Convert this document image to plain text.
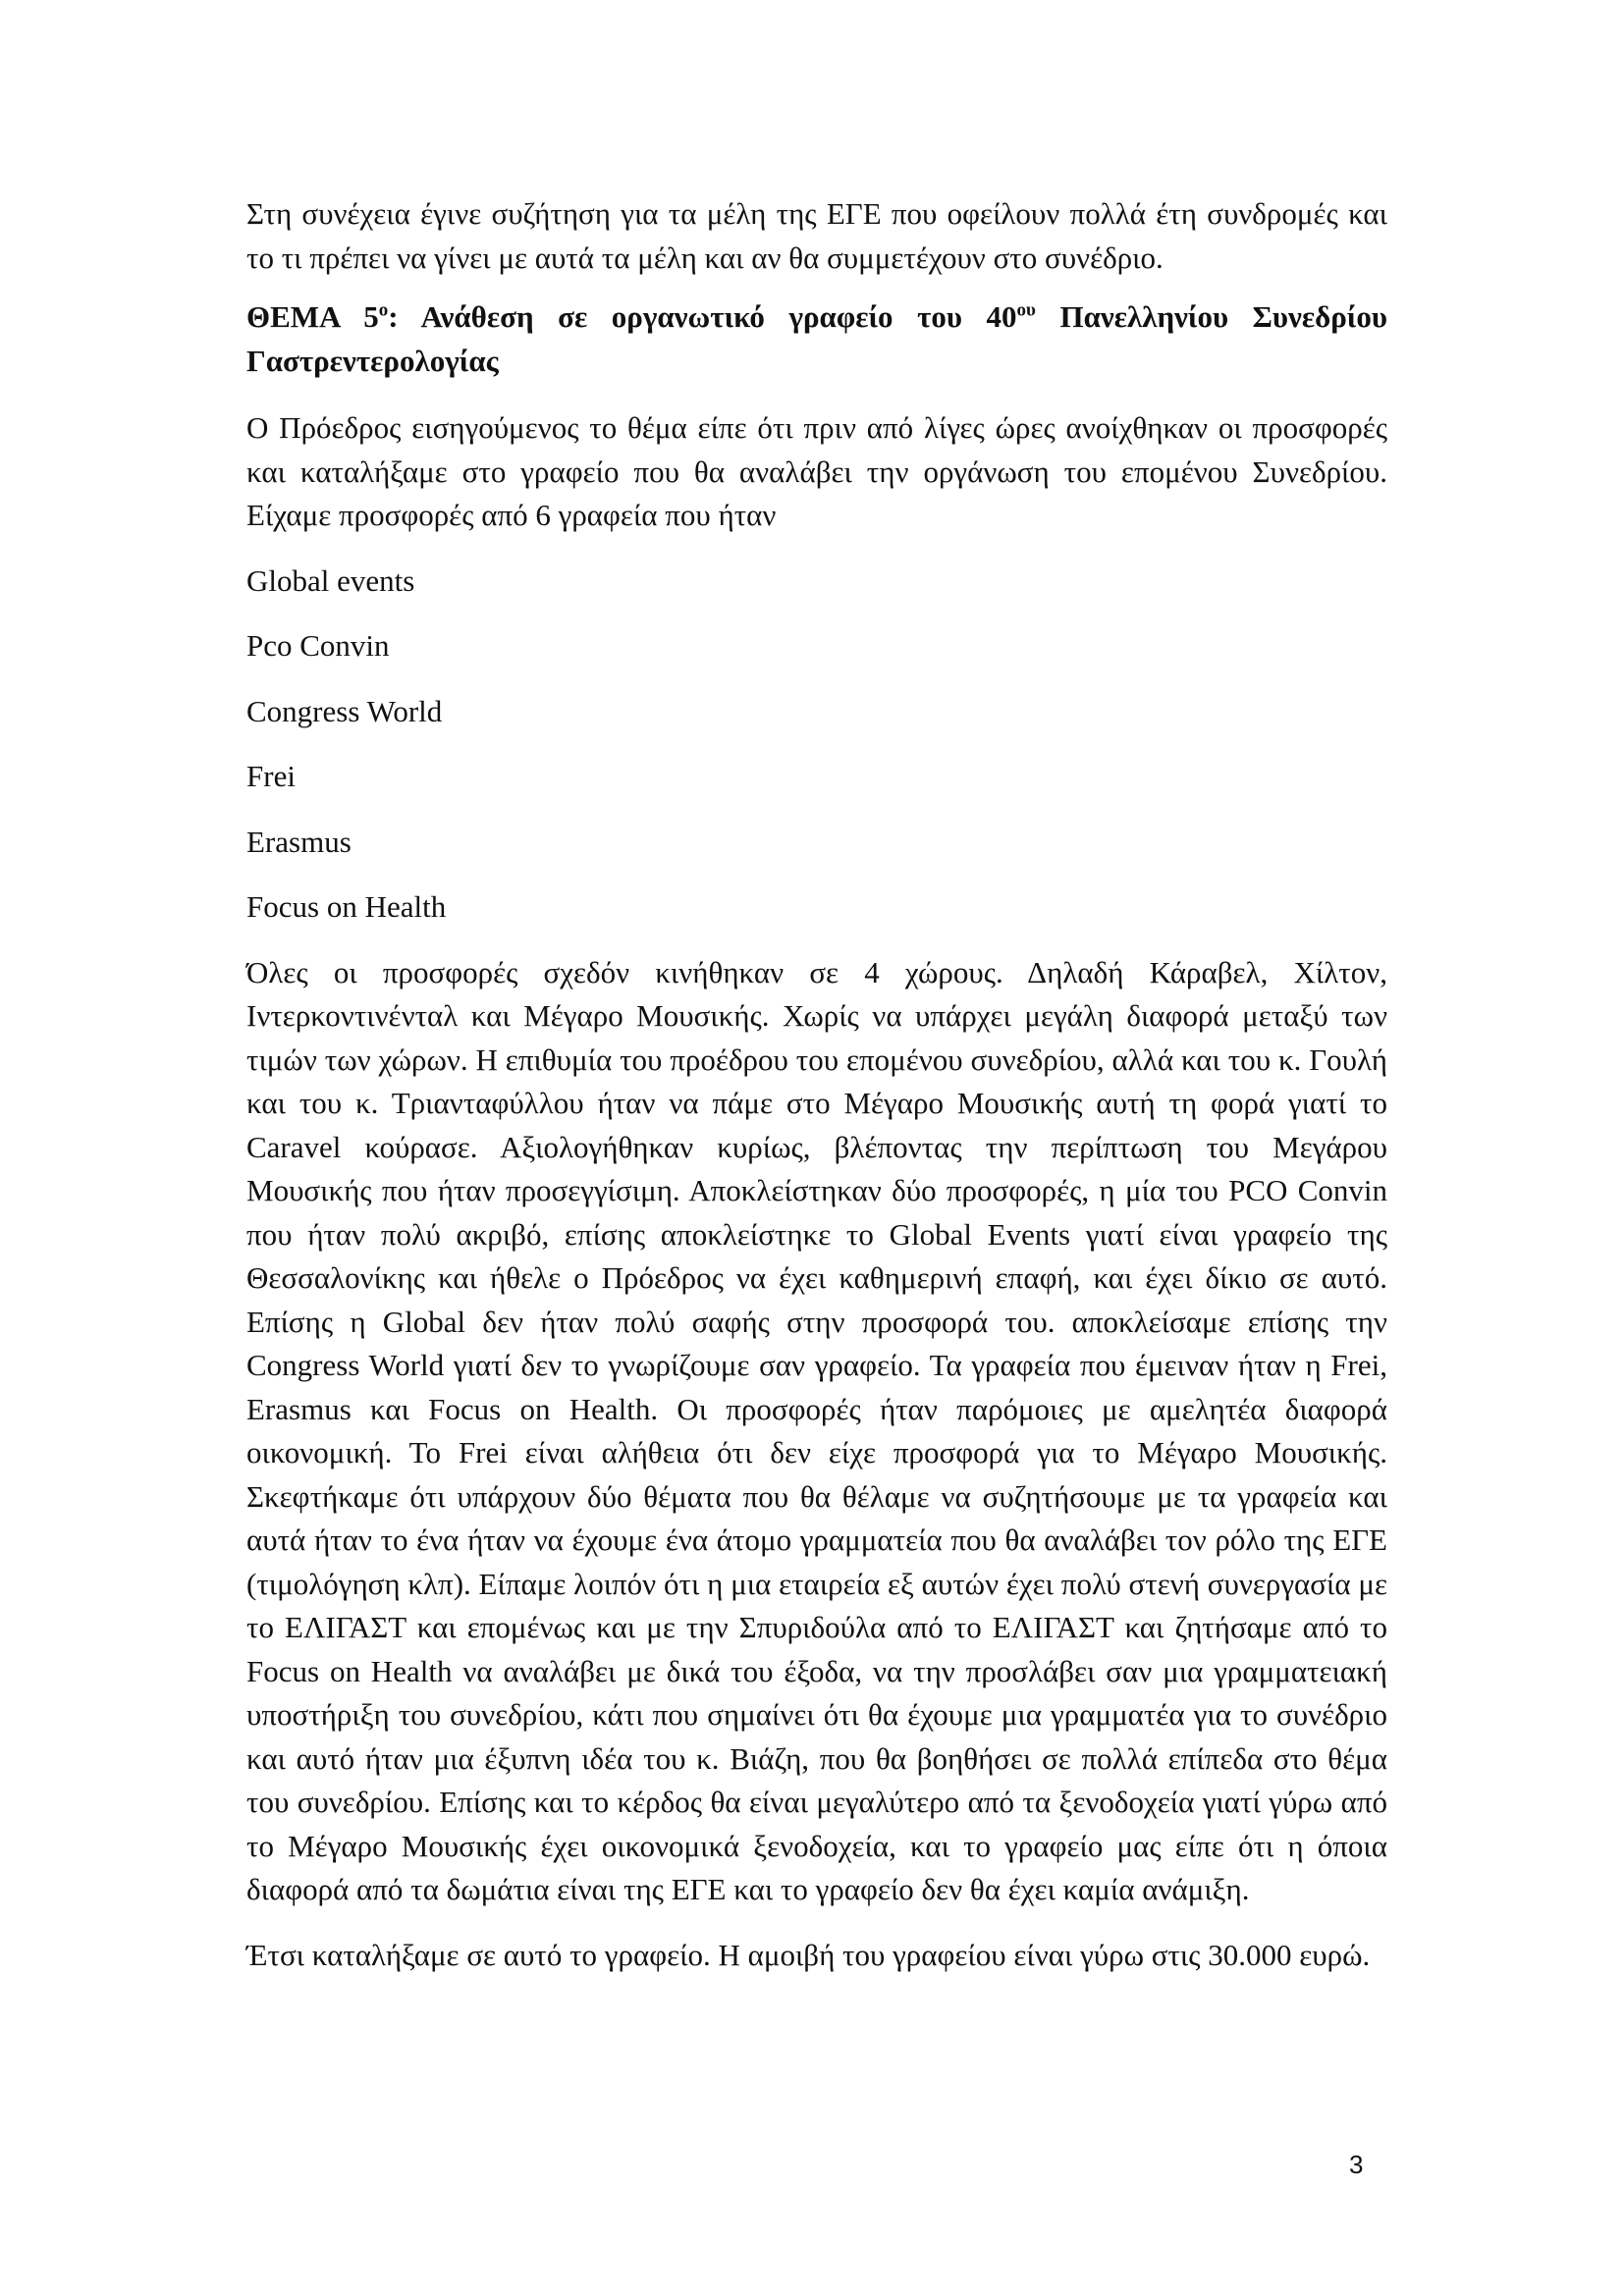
Στη συνέχεια έγινε συζήτηση για τα μέλη της ΕΓΕ που οφείλουν πολλά έτη συνδρομές και το τι πρέπει να γίνει με αυτά τα μέλη και αν θα συμμετέχουν στο συνέδριο.

ΘΕΜΑ $5^o$: Ανάθεση σε οργανωτικό γραφείο του $40^{o\upsilon}$ Πανελληνίου Συνεδρίου Γαστρεντερολογίας

Ο Πρόεδρος εισηγούμενος το θέμα είπε ότι πριν από λίγες ώρες ανοίχθηκαν οι προσφορές και καταλήξαμε στο γραφείο που θα αναλάβει την οργάνωση του επομένου Συνεδρίου. Είχαμε προσφορές από 6 γραφεία που ήταν

Global events

Pco Convin

Congress World

Frei

Erasmus

Focus on Health

Όλες οι προσφορές σχεδόν κινήθηκαν σε 4 χώρους. Δηλαδή Κάραβελ, Χίλτον, Ιντερκοντινένταλ και Μέγαρο Μουσικής. Χωρίς να υπάρχει μεγάλη διαφορά μεταξύ των τιμών των χώρων. Η επιθυμία του προέδρου του επομένου συνεδρίου, αλλά και του κ. Γουλή και του κ. Τριανταφύλλου ήταν να πάμε στο Μέγαρο Μουσικής αυτή τη φορά γιατί το Caravel κούρασε. Αξιολογήθηκαν κυρίως, βλέποντας την περίπτωση του Μεγάρου Μουσικής που ήταν προσεγγίσιμη. Αποκλείστηκαν δύο προσφορές, η μία του PCO Convin που ήταν πολύ ακριβό, επίσης αποκλείστηκε το Global Events γιατί είναι γραφείο της Θεσσαλονίκης και ήθελε ο Πρόεδρος να έχει καθημερινή επαφή, και έχει δίκιο σε αυτό. Επίσης η Global δεν ήταν πολύ σαφής στην προσφορά του. αποκλείσαμε επίσης την Congress World γιατί δεν το γνωρίζουμε σαν γραφείο. Τα γραφεία που έμειναν ήταν η Frei, Erasmus και Focus on Health. Οι προσφορές ήταν παρόμοιες με αμελητέα διαφορά οικονομική. Το Frei είναι αλήθεια ότι δεν είχε προσφορά για το Μέγαρο Μουσικής. Σκεφτήκαμε ότι υπάρχουν δύο θέματα που θα θέλαμε να συζητήσουμε με τα γραφεία και αυτά ήταν το ένα ήταν να έχουμε ένα άτομο γραμματεία που θα αναλάβει τον ρόλο της ΕΓΕ (τιμολόγηση κλπ). Είπαμε λοιπόν ότι η μια εταιρεία εξ αυτών έχει πολύ στενή συνεργασία με το ΕΛΙΓΑΣΤ και επομένως και με την Σπυριδούλα από το ΕΛΙΓΑΣΤ και ζητήσαμε από το Focus on Health να αναλάβει με δικά του έξοδα, να την προσλάβει σαν μια γραμματειακή υποστήριξη του συνεδρίου, κάτι που σημαίνει ότι θα έχουμε μια γραμματέα για το συνέδριο και αυτό ήταν μια έξυπνη ιδέα του κ. Βιάζη, που θα βοηθήσει σε πολλά επίπεδα στο θέμα του συνεδρίου. Επίσης και το κέρδος θα είναι μεγαλύτερο από τα ξενοδοχεία γιατί γύρω από το Μέγαρο Μουσικής έχει οικονομικά ξενοδοχεία, και το γραφείο μας είπε ότι η όποια διαφορά από τα δωμάτια είναι της ΕΓΕ και το γραφείο δεν θα έχει καμία ανάμιξη.

Έτσι καταλήξαμε σε αυτό το γραφείο. Η αμοιβή του γραφείου είναι γύρω στις 30.000 ευρώ.

3
